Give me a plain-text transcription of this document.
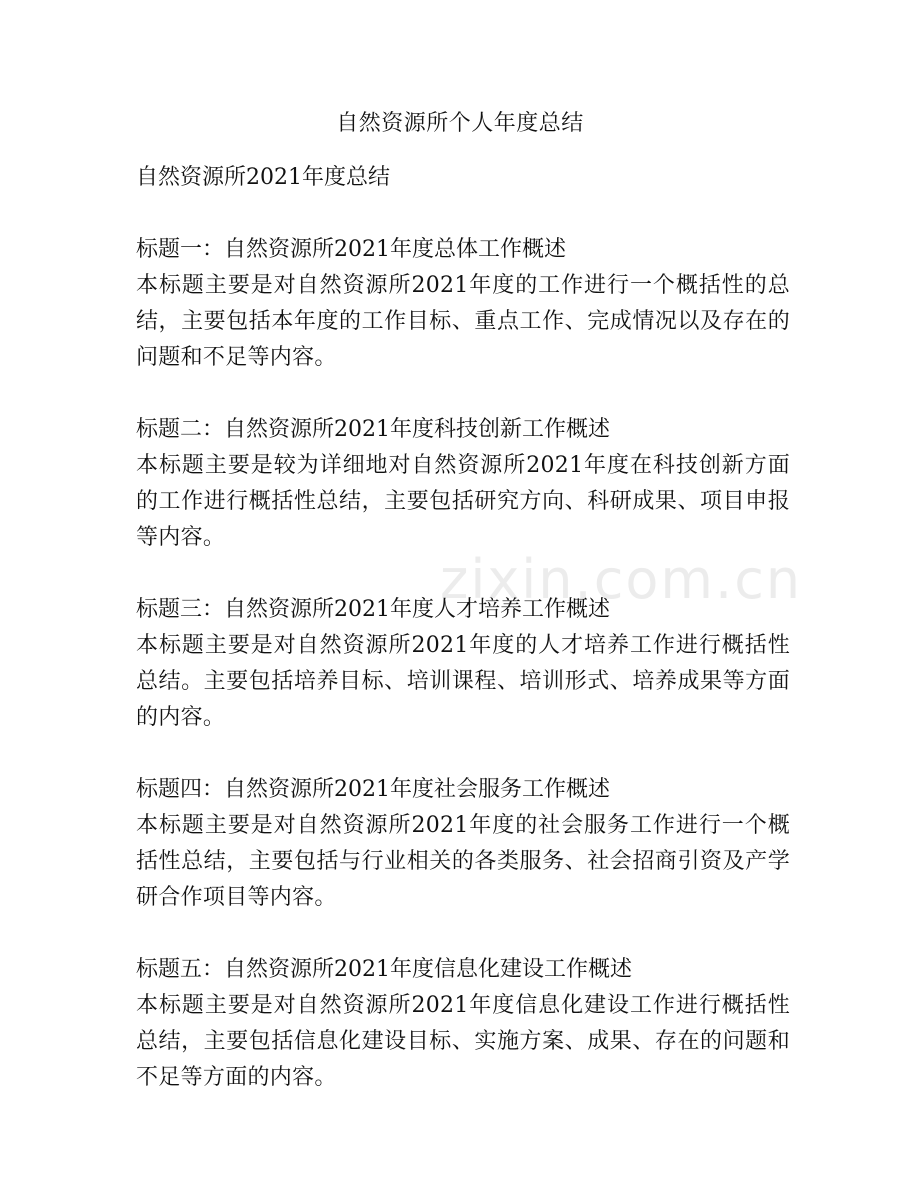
自然资源所个人年度总结

自然资源所2021年度总结

标题一：自然资源所2021年度总体工作概述

本标题主要是对自然资源所2021年度的工作进行一个概括性的总结，主要包括本年度的工作目标、重点工作、完成情况以及存在的问题和不足等内容。

标题二：自然资源所2021年度科技创新工作概述

本标题主要是较为详细地对自然资源所2021年度在科技创新方面的工作进行概括性总结，主要包括研究方向、科研成果、项目申报等内容。

标题三：自然资源所2021年度人才培养工作概述

本标题主要是对自然资源所2021年度的人才培养工作进行概括性总结。主要包括培养目标、培训课程、培训形式、培养成果等方面的内容。

标题四：自然资源所2021年度社会服务工作概述

本标题主要是对自然资源所2021年度的社会服务工作进行一个概括性总结，主要包括与行业相关的各类服务、社会招商引资及产学研合作项目等内容。

标题五：自然资源所2021年度信息化建设工作概述

本标题主要是对自然资源所2021年度信息化建设工作进行概括性总结，主要包括信息化建设目标、实施方案、成果、存在的问题和不足等方面的内容。

zixin.com.cn
